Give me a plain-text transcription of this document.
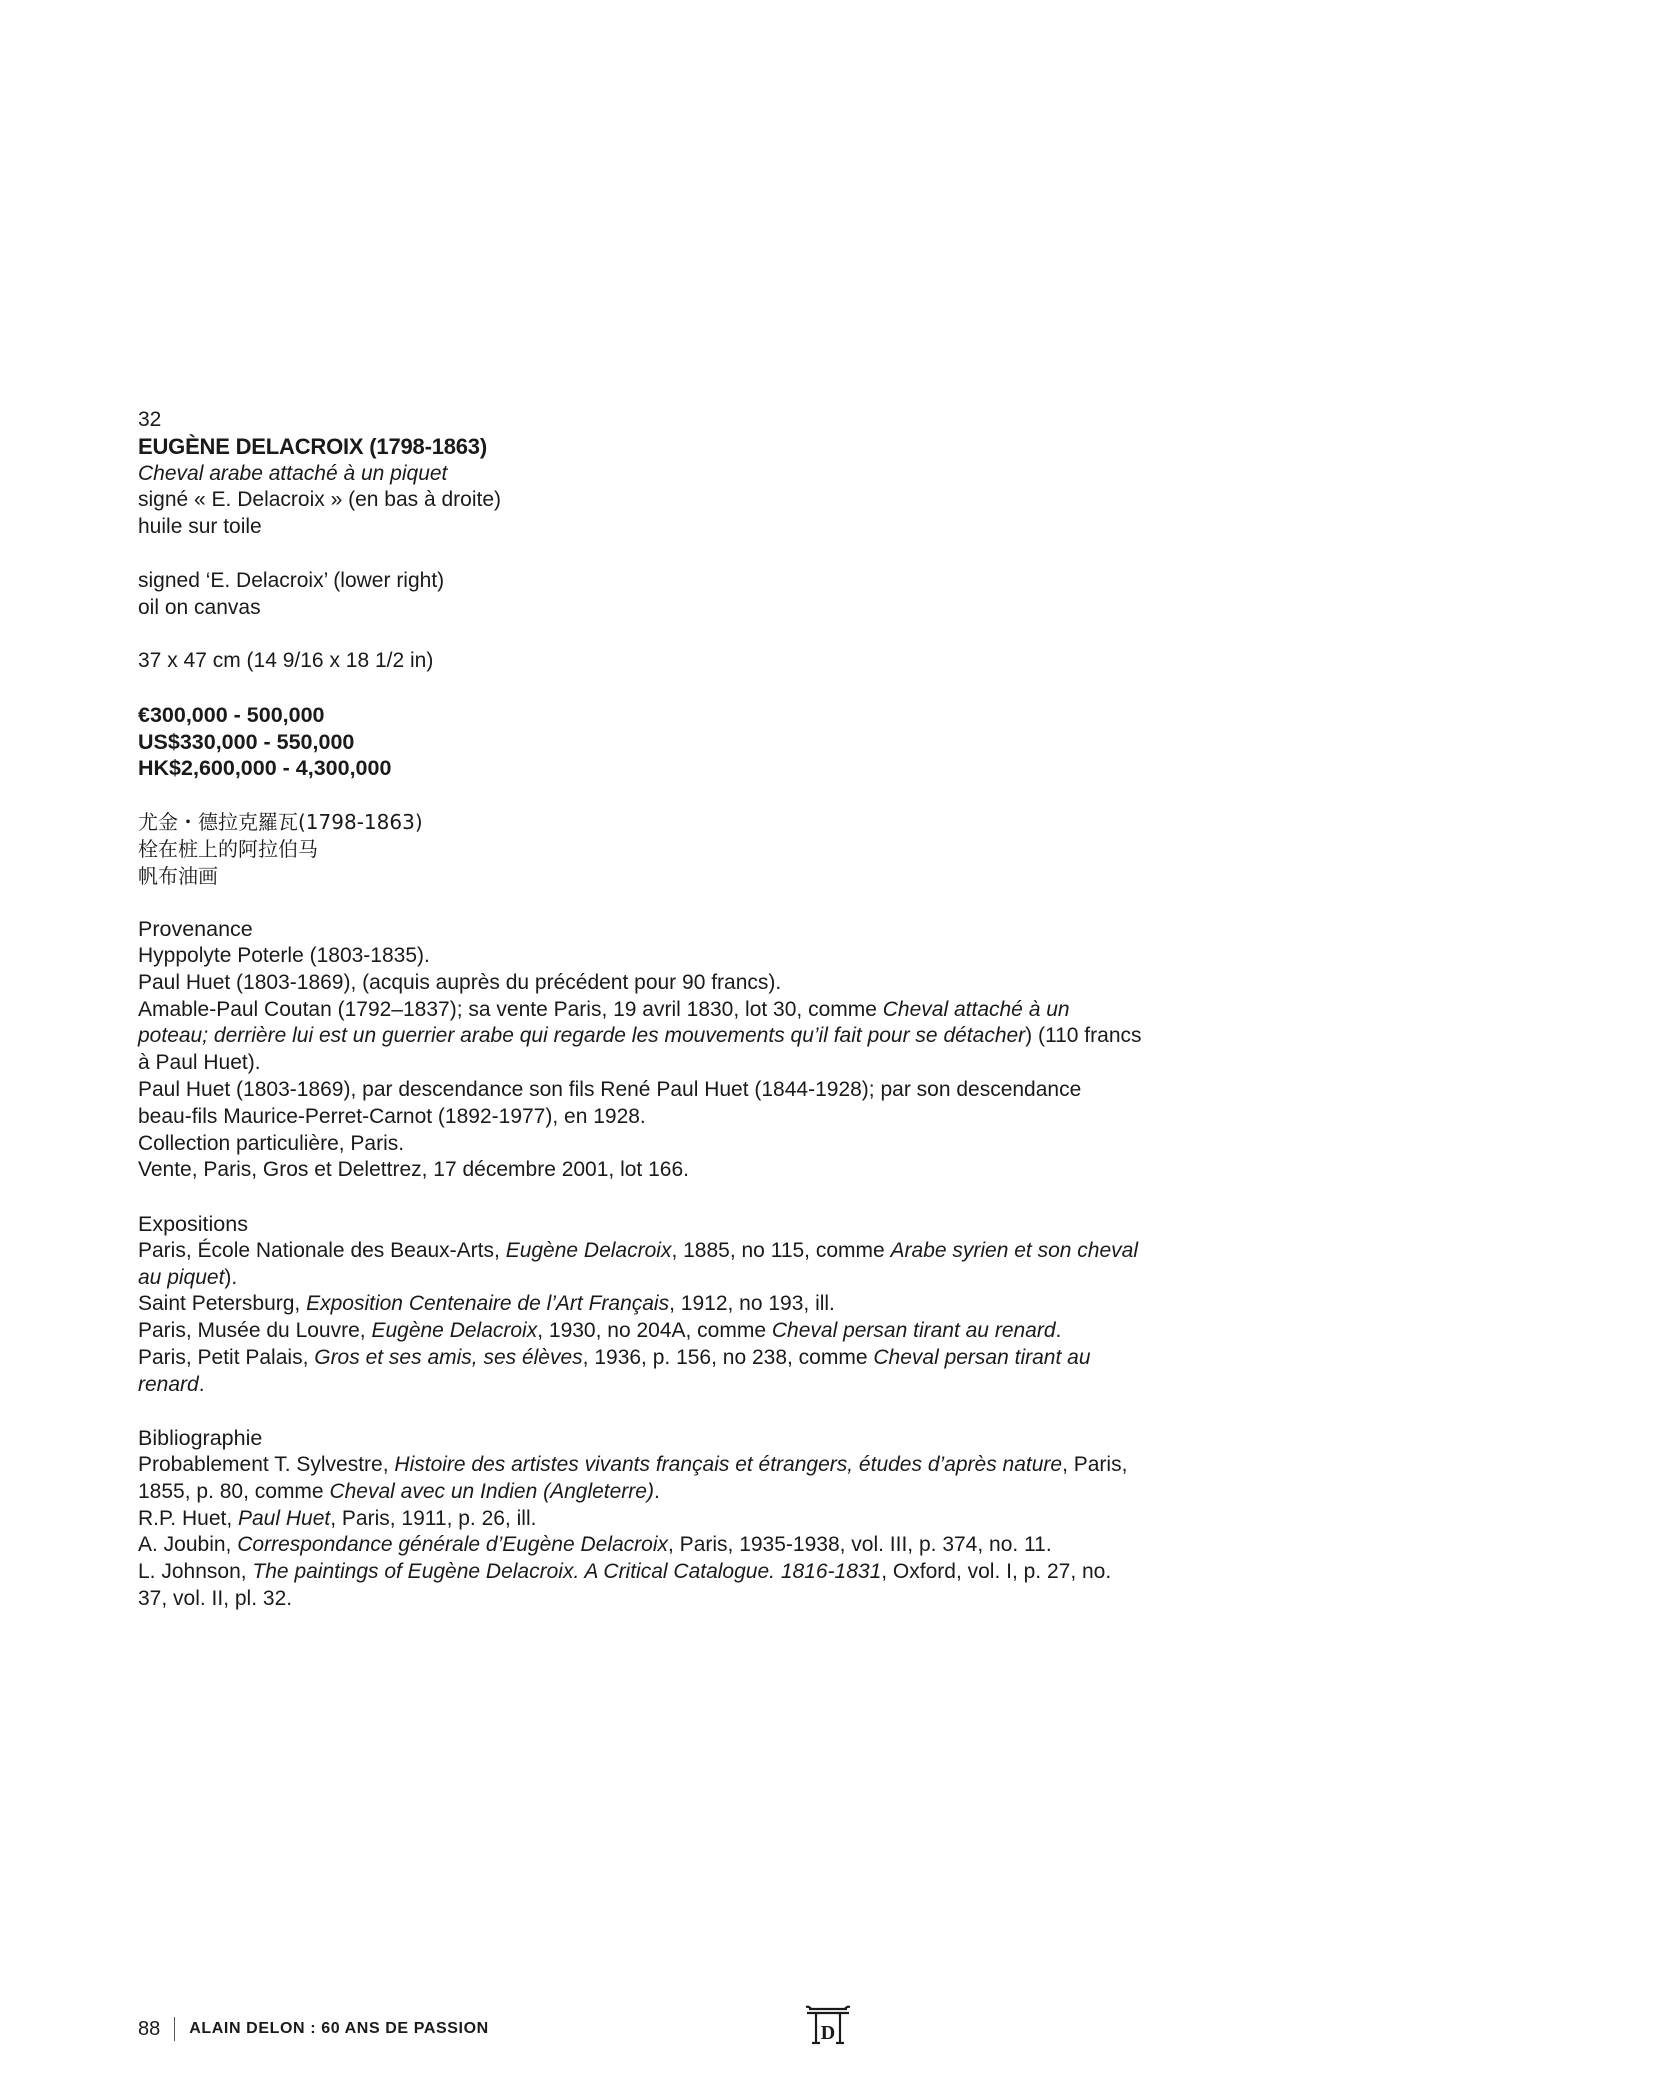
32
EUGÈNE DELACROIX (1798-1863)
Cheval arabe attaché à un piquet
signé « E. Delacroix » (en bas à droite)
huile sur toile
signed ‘E. Delacroix’ (lower right)
oil on canvas
37 x 47 cm (14 9/16 x 18 1/2 in)
€300,000 - 500,000
US$330,000 - 550,000
HK$2,600,000 - 4,300,000
尤金・德拉克羅瓦(1798-1863)
栓在桩上的阿拉伯马
帆布油画
Provenance
Hyppolyte Poterle (1803-1835).
Paul Huet (1803-1869), (acquis auprès du précédent pour 90 francs).
Amable-Paul Coutan (1792–1837); sa vente Paris, 19 avril 1830, lot 30, comme Cheval attaché à un
poteau; derrière lui est un guerrier arabe qui regarde les mouvements qu’il fait pour se détacher) (110 francs
à Paul Huet).
Paul Huet (1803-1869), par descendance son fils René Paul Huet (1844-1928); par son descendance
beau-fils Maurice-Perret-Carnot (1892-1977), en 1928.
Collection particulière, Paris.
Vente, Paris, Gros et Delettrez, 17 décembre 2001, lot 166.
Expositions
Paris, École Nationale des Beaux-Arts, Eugène Delacroix, 1885, no 115, comme Arabe syrien et son cheval
au piquet).
Saint Petersburg, Exposition Centenaire de l’Art Français, 1912, no 193, ill.
Paris, Musée du Louvre, Eugène Delacroix, 1930, no 204A, comme Cheval persan tirant au renard.
Paris, Petit Palais, Gros et ses amis, ses élèves, 1936, p. 156, no 238, comme Cheval persan tirant au
renard.
Bibliographie
Probablement T. Sylvestre, Histoire des artistes vivants français et étrangers, études d’après nature, Paris,
1855, p. 80, comme Cheval avec un Indien (Angleterre).
R.P. Huet, Paul Huet, Paris, 1911, p. 26, ill.
A. Joubin, Correspondance générale d’Eugène Delacroix, Paris, 1935-1938, vol. III, p. 374, no. 11.
L. Johnson, The paintings of Eugène Delacroix. A Critical Catalogue. 1816-1831, Oxford, vol. I, p. 27, no.
37, vol. II, pl. 32.
88 ALAIN DELON : 60 ANS DE PASSION	D
